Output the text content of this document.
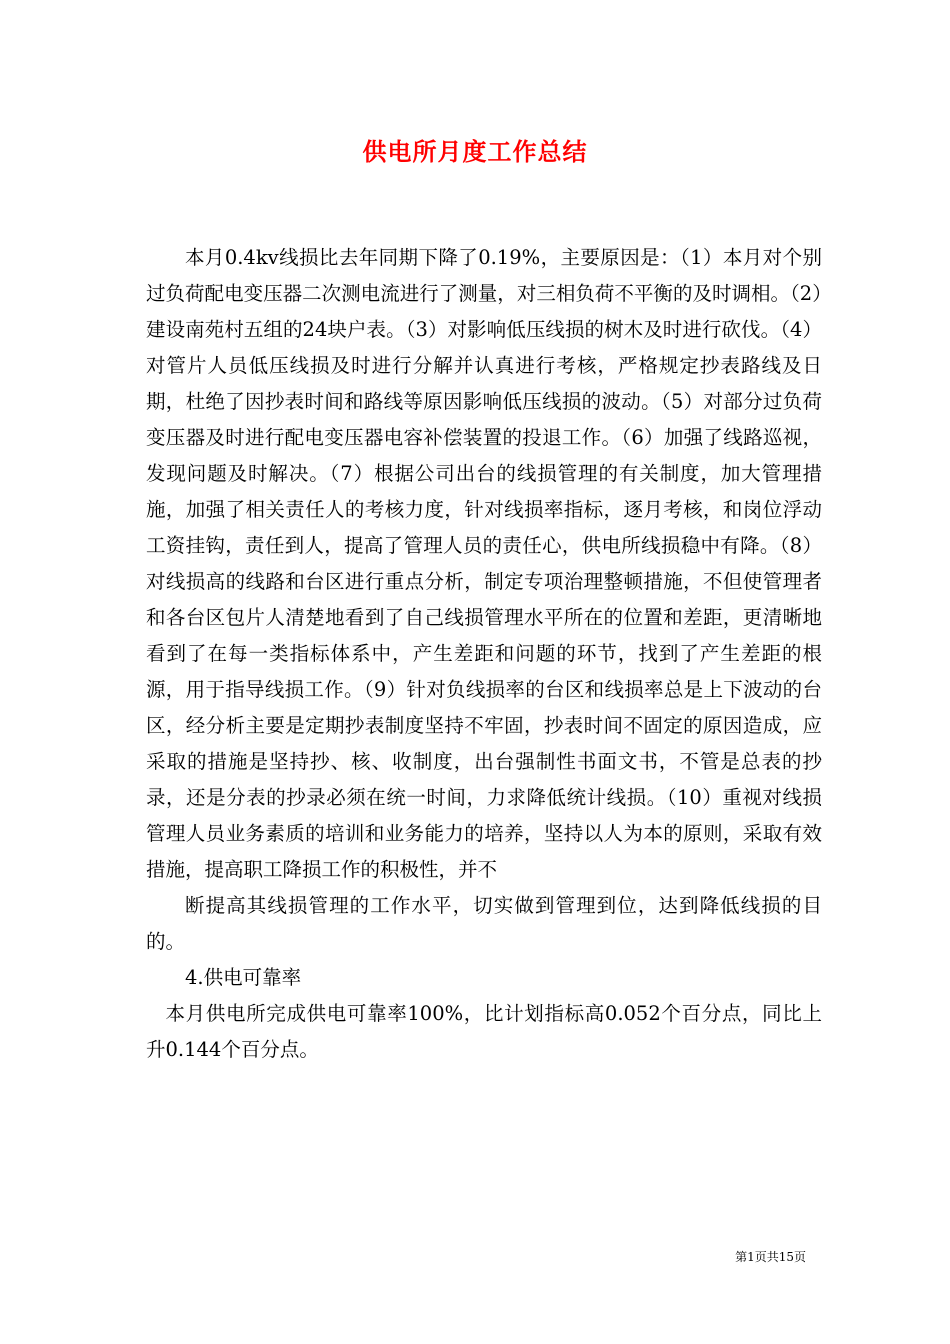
供电所月度工作总结

本月0.4kv线损比去年同期下降了0.19%，主要原因是：（1）本月对个别过负荷配电变压器二次测电流进行了测量，对三相负荷不平衡的及时调相。（2）建设南苑村五组的24块户表。（3）对影响低压线损的树木及时进行砍伐。（4）对管片人员低压线损及时进行分解并认真进行考核，严格规定抄表路线及日期，杜绝了因抄表时间和路线等原因影响低压线损的波动。（5）对部分过负荷变压器及时进行配电变压器电容补偿装置的投退工作。（6）加强了线路巡视，发现问题及时解决。（7）根据公司出台的线损管理的有关制度，加大管理措施，加强了相关责任人的考核力度，针对线损率指标，逐月考核，和岗位浮动工资挂钩，责任到人，提高了管理人员的责任心，供电所线损稳中有降。（8）对线损高的线路和台区进行重点分析，制定专项治理整顿措施，不但使管理者和各台区包片人清楚地看到了自己线损管理水平所在的位置和差距，更清晰地看到了在每一类指标体系中，产生差距和问题的环节，找到了产生差距的根源，用于指导线损工作。（9）针对负线损率的台区和线损率总是上下波动的台区，经分析主要是定期抄表制度坚持不牢固，抄表时间不固定的原因造成，应采取的措施是坚持抄、核、收制度，出台强制性书面文书，不管是总表的抄录，还是分表的抄录必须在统一时间，力求降低统计线损。（10）重视对线损管理人员业务素质的培训和业务能力的培养，坚持以人为本的原则，采取有效措施，提高职工降损工作的积极性，并不

断提高其线损管理的工作水平，切实做到管理到位，达到降低线损的目的。

4.供电可靠率

本月供电所完成供电可靠率100%，比计划指标高0.052个百分点，同比上升0.144个百分点。

第1页共15页
